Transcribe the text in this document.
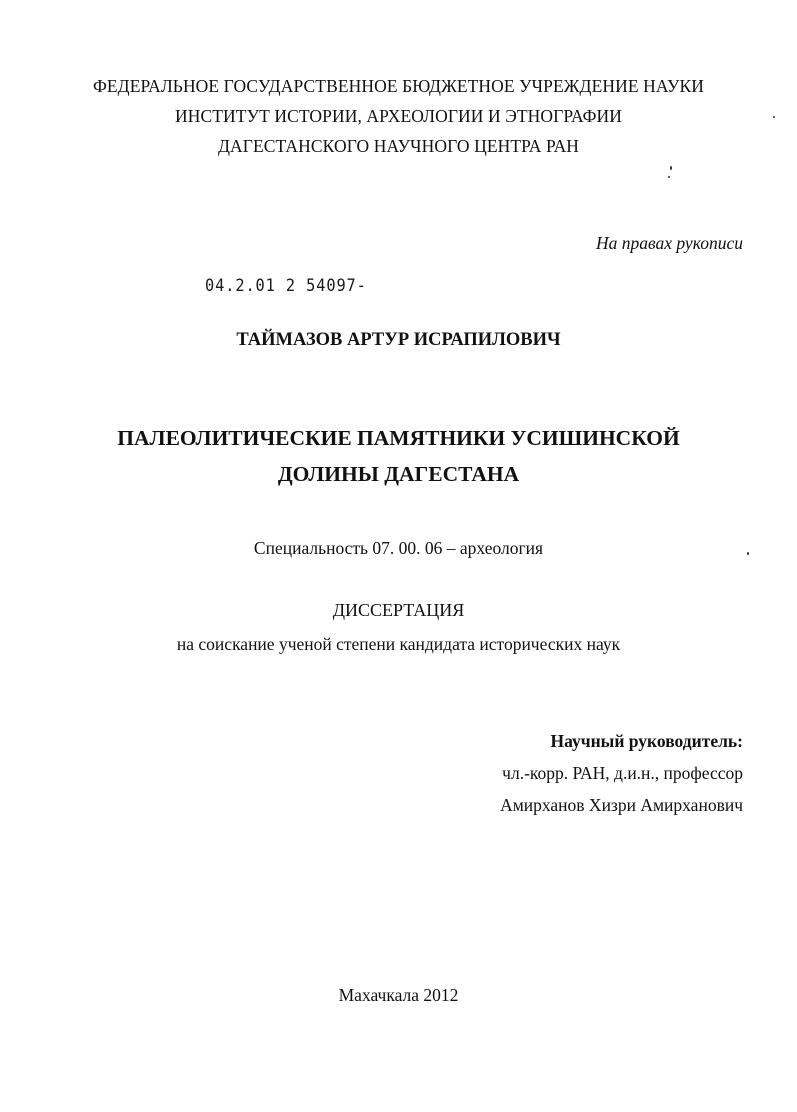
ФЕДЕРАЛЬНОЕ ГОСУДАРСТВЕННОЕ БЮДЖЕТНОЕ УЧРЕЖДЕНИЕ НАУКИ
ИНСТИТУТ ИСТОРИИ, АРХЕОЛОГИИ И ЭТНОГРАФИИ
ДАГЕСТАНСКОГО НАУЧНОГО ЦЕНТРА РАН
На правах рукописи
04.2.01 2 54097-
ТАЙМАЗОВ АРТУР ИСРАПИЛОВИЧ
ПАЛЕОЛИТИЧЕСКИЕ ПАМЯТНИКИ УСИШИНСКОЙ
ДОЛИНЫ ДАГЕСТАНА
Специальность 07. 00. 06 – археология
ДИССЕРТАЦИЯ
на соискание ученой степени кандидата исторических наук
Научный руководитель:
чл.-корр. РАН, д.и.н., профессор
Амирханов Хизри Амирханович
Махачкала 2012
